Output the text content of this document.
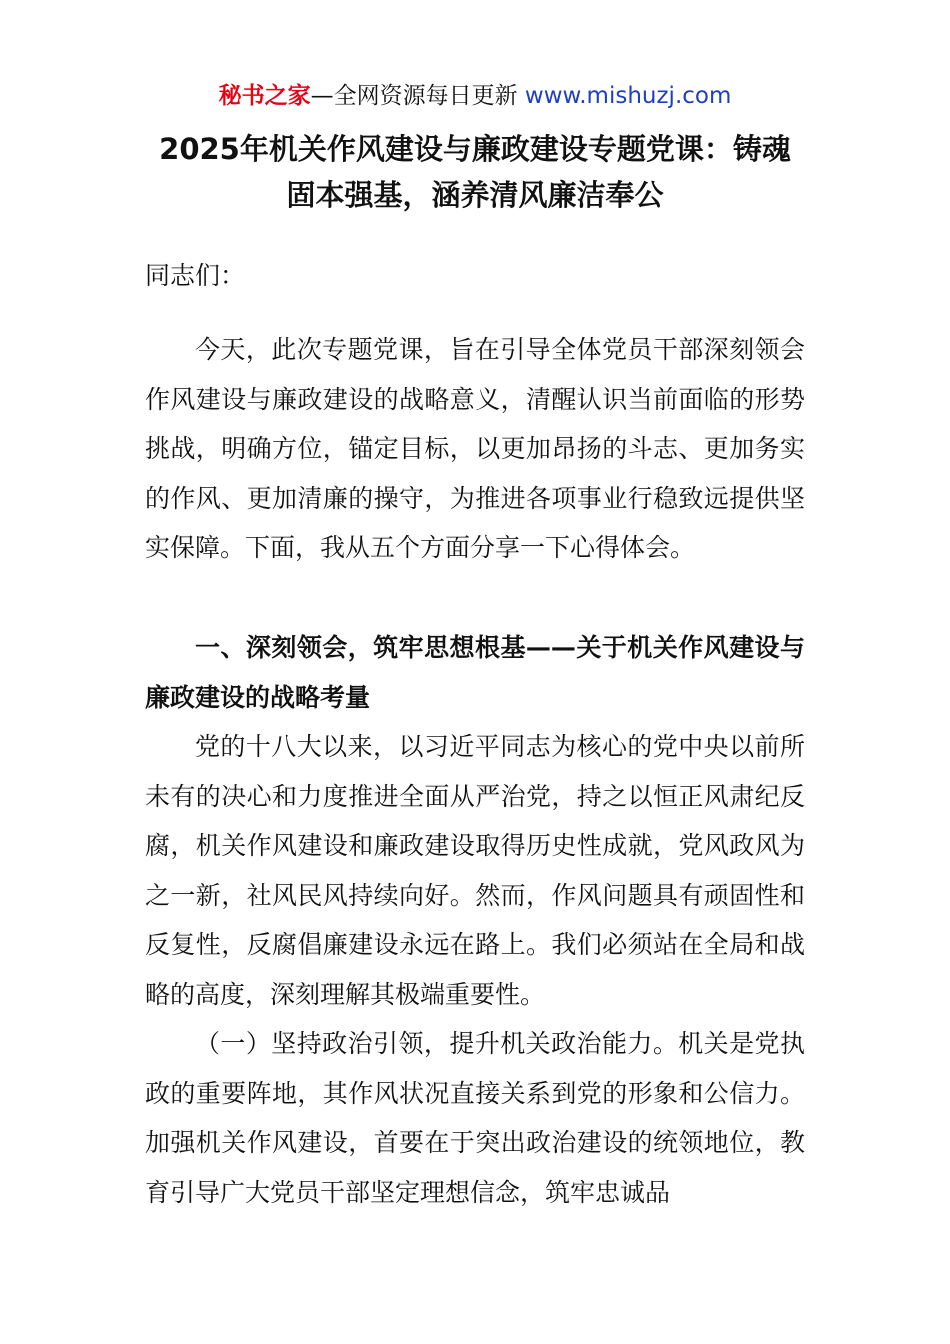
秘书之家—全网资源每日更新 www.mishuzj.com
2025年机关作风建设与廉政建设专题党课：铸魂固本强基，涵养清风廉洁奉公

同志们：

今天，此次专题党课，旨在引导全体党员干部深刻领会作风建设与廉政建设的战略意义，清醒认识当前面临的形势挑战，明确方位，锚定目标，以更加昂扬的斗志、更加务实的作风、更加清廉的操守，为推进各项事业行稳致远提供坚实保障。下面，我从五个方面分享一下心得体会。

一、深刻领会，筑牢思想根基——关于机关作风建设与廉政建设的战略考量

党的十八大以来，以习近平同志为核心的党中央以前所未有的决心和力度推进全面从严治党，持之以恒正风肃纪反腐，机关作风建设和廉政建设取得历史性成就，党风政风为之一新，社风民风持续向好。然而，作风问题具有顽固性和反复性，反腐倡廉建设永远在路上。我们必须站在全局和战略的高度，深刻理解其极端重要性。

（一）坚持政治引领，提升机关政治能力。机关是党执政的重要阵地，其作风状况直接关系到党的形象和公信力。加强机关作风建设，首要在于突出政治建设的统领地位，教育引导广大党员干部坚定理想信念，筑牢忠诚品
